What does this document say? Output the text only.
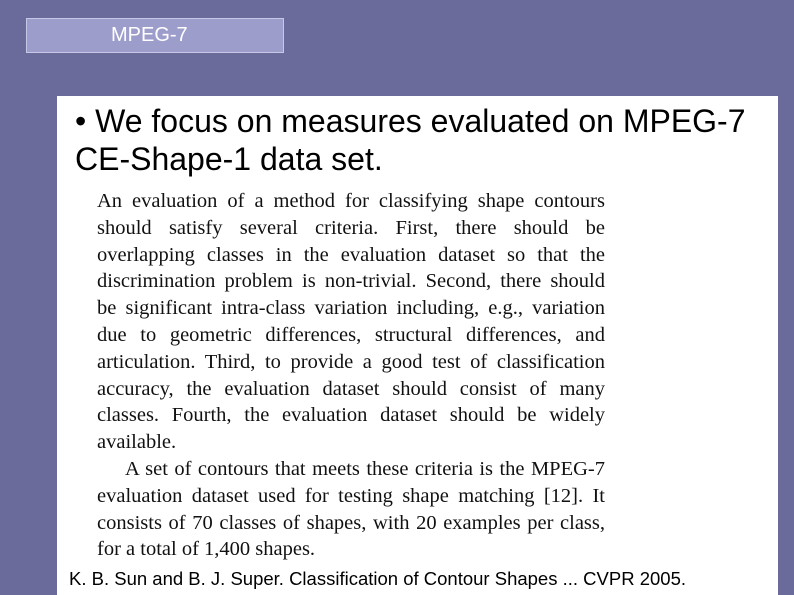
MPEG-7
• We focus on measures evaluated on MPEG-7 CE-Shape-1 data set.

An evaluation of a method for classifying shape contours should satisfy several criteria. First, there should be overlapping classes in the evaluation dataset so that the discrimination problem is non-trivial. Second, there should be significant intra-class variation including, e.g., variation due to geometric differences, structural differences, and articulation. Third, to provide a good test of classification accuracy, the evaluation dataset should consist of many classes. Fourth, the evaluation dataset should be widely available.

A set of contours that meets these criteria is the MPEG-7 evaluation dataset used for testing shape matching [12]. It consists of 70 classes of shapes, with 20 examples per class, for a total of 1,400 shapes.

K. B. Sun and B. J. Super. Classification of Contour Shapes ... CVPR 2005.
